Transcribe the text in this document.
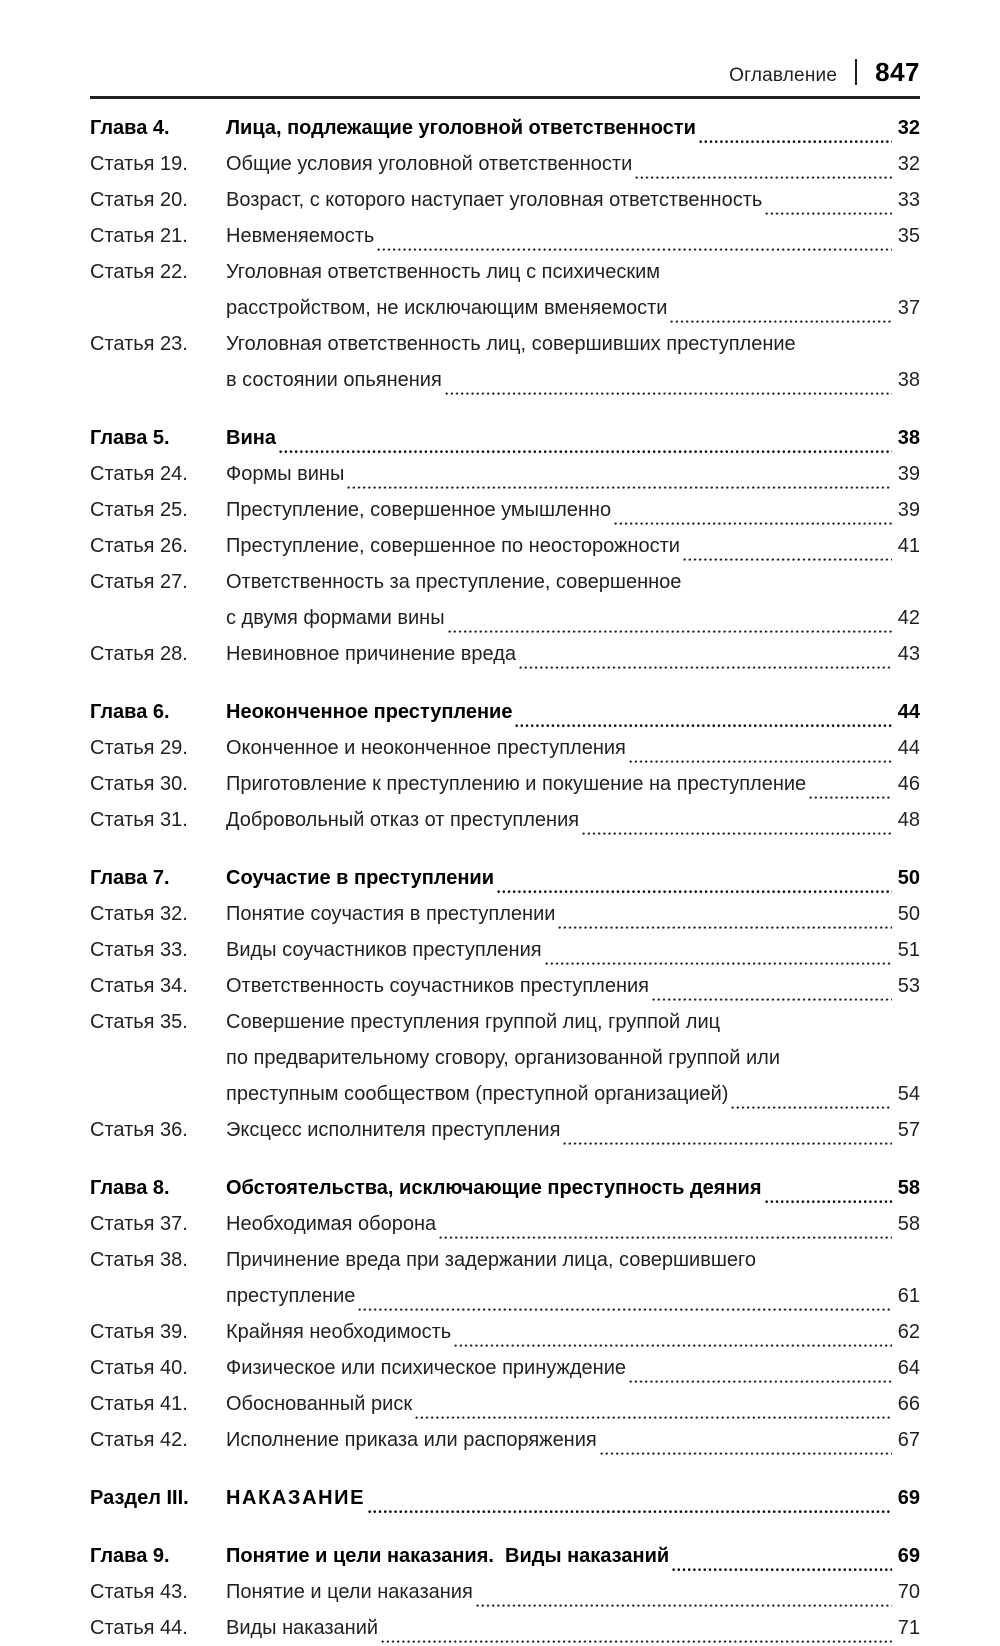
Оглавление 847
Глава 4.	Лица, подлежащие уголовной ответственности	32
Статья 19.	Общие условия уголовной ответственности	32
Статья 20.	Возраст, с которого наступает уголовная ответственность	33
Статья 21.	Невменяемость	35
Статья 22.	Уголовная ответственность лиц с психическим
расстройством, не исключающим вменяемости	37
Статья 23.	Уголовная ответственность лиц, совершивших преступление
в состоянии опьянения	38
Глава 5.	Вина	38
Статья 24.	Формы вины	39
Статья 25.	Преступление, совершенное умышленно	39
Статья 26.	Преступление, совершенное по неосторожности	41
Статья 27.	Ответственность за преступление, совершенное
с двумя формами вины	42
Статья 28.	Невиновное причинение вреда	43
Глава 6.	Неоконченное преступление	44
Статья 29.	Оконченное и неоконченное преступления	44
Статья 30.	Приготовление к преступлению и покушение на преступление	46
Статья 31.	Добровольный отказ от преступления	48
Глава 7.	Соучастие в преступлении	50
Статья 32.	Понятие соучастия в преступлении	50
Статья 33.	Виды соучастников преступления	51
Статья 34.	Ответственность соучастников преступления	53
Статья 35.	Совершение преступления группой лиц, группой лиц
по предварительному сговору, организованной группой или
преступным сообществом (преступной организацией)	54
Статья 36.	Эксцесс исполнителя преступления	57
Глава 8.	Обстоятельства, исключающие преступность деяния	58
Статья 37.	Необходимая оборона	58
Статья 38.	Причинение вреда при задержании лица, совершившего
преступление	61
Статья 39.	Крайняя необходимость	62
Статья 40.	Физическое или психическое принуждение	64
Статья 41.	Обоснованный риск	66
Статья 42.	Исполнение приказа или распоряжения	67
Раздел III.	НАКАЗАНИЕ	69
Глава 9.	Понятие и цели наказания.  Виды наказаний	69
Статья 43.	Понятие и цели наказания	70
Статья 44.	Виды наказаний	71
